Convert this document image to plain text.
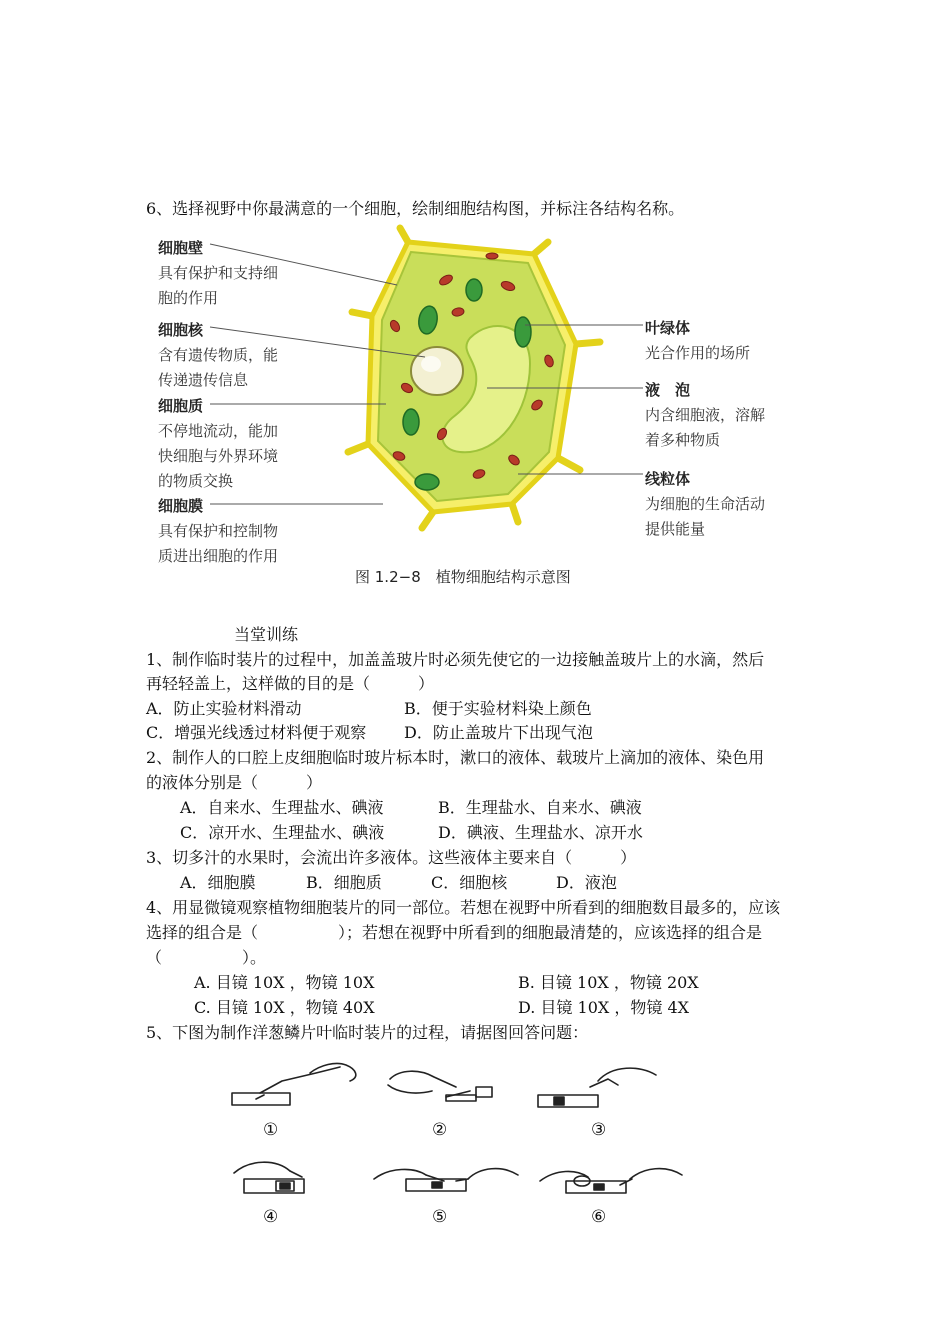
6、选择视野中你最满意的一个细胞，绘制细胞结构图，并标注各结构名称。
细胞壁
具有保护和支持细
胞的作用
细胞核
含有遗传物质，能
传递遗传信息
细胞质
不停地流动，能加
快细胞与外界环境
的物质交换
细胞膜
具有保护和控制物
质进出细胞的作用
叶绿体
光合作用的场所
液　泡
内含细胞液，溶解
着多种物质
线粒体
为细胞的生命活动
提供能量
图 1.2−8　植物细胞结构示意图
当堂训练
1、制作临时装片的过程中，加盖盖玻片时必须先使它的一边接触盖玻片上的水滴，然后
再轻轻盖上，这样做的目的是（　　　）
A．防止实验材料滑动	B．便于实验材料染上颜色
C．增强光线透过材料便于观察 D．防止盖玻片下出现气泡
2、制作人的口腔上皮细胞临时玻片标本时，漱口的液体、载玻片上滴加的液体、染色用
的液体分别是（　　　）
A．自来水、生理盐水、碘液	B．生理盐水、自来水、碘液
C．凉开水、生理盐水、碘液	D．碘液、生理盐水、凉开水
3、切多汁的水果时，会流出许多液体。这些液体主要来自（　　　）
A．细胞膜	B．细胞质	C．细胞核	D．液泡
4、用显微镜观察植物细胞装片的同一部位。若想在视野中所看到的细胞数目最多的，应该
选择的组合是（　　　　　）；若想在视野中所看到的细胞最清楚的，应该选择的组合是
（　　　　　）。
A. 目镜 10X ，物镜 10X	B. 目镜 10X ，物镜 20X
C. 目镜 10X ，物镜 40X	D. 目镜 10X ，物镜 4X
5、下图为制作洋葱鳞片叶临时装片的过程，请据图回答问题：
①	②	③
④	⑤	⑥
